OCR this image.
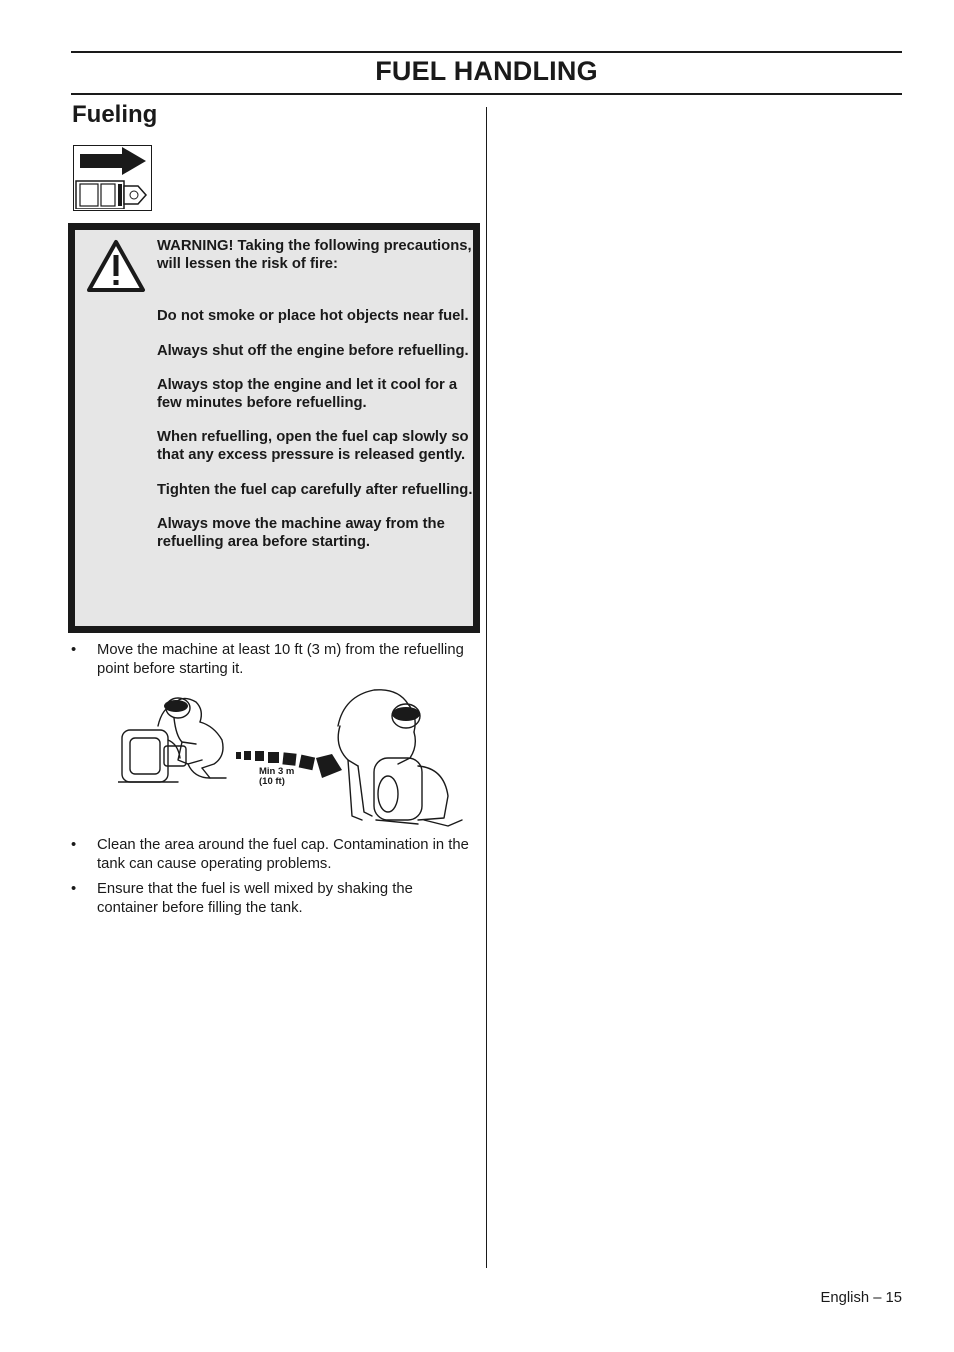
FUEL HANDLING
Fueling

WARNING! Taking the following precautions, will lessen the risk of fire:

Do not smoke or place hot objects near fuel.

Always shut off the engine before refuelling.

Always stop the engine and let it cool for a few minutes before refuelling.

When refuelling, open the fuel cap slowly so that any excess pressure is released gently.

Tighten the fuel cap carefully after refuelling.

Always move the machine away from the refuelling area before starting.

• Move the machine at least 10 ft (3 m) from the refuelling point before starting it.
Min 3 m
(10 ft)
• Clean the area around the fuel cap. Contamination in the tank can cause operating problems.
• Ensure that the fuel is well mixed by shaking the container before filling the tank.
English – 15
